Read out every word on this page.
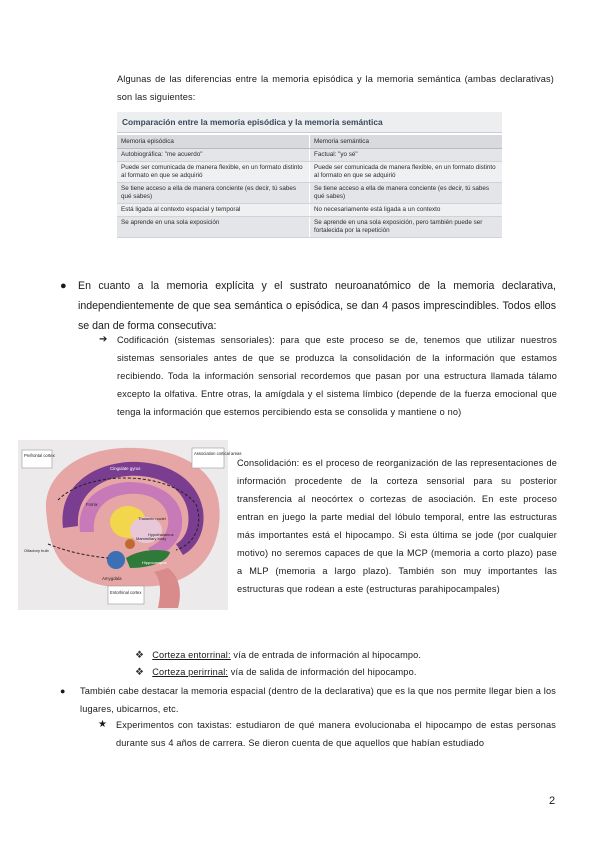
Algunas de las diferencias entre la memoria episódica y la memoria semántica (ambas declarativas) son las siguientes:
Comparación entre la memoria episódica y la memoria semántica
Memoria episódica	Memoria semántica
Autobiográfica: "me acuerdo"	Factual: "yo sé"
Puede ser comunicada de manera flexible, en un formato distinto al formato en que se adquirió	Puede ser comunicada de manera flexible, en un formato distinto al formato en que se adquirió
Se tiene acceso a ella de manera conciente (es decir, tú sabes qué sabes)	Se tiene acceso a ella de manera conciente (es decir, tú sabes qué sabes)
Está ligada al contexto espacial y temporal	No necesariamente está ligada a un contexto
Se aprende en una sola exposición	Se aprende en una sola exposición, pero también puede ser fortalecida por la repetición
● En cuanto a la memoria explícita y el sustrato neuroanatómico de la memoria declarativa, independientemente de que sea semántica o episódica, se dan 4 pasos imprescindibles. Todos ellos se dan de forma consecutiva:
➔ Codificación (sistemas sensoriales): para que este proceso se de, tenemos que utilizar nuestros sistemas sensoriales antes de que se produzca la consolidación de la información que estamos recibiendo. Toda la información sensorial recordemos que pasan por una estructura llamada tálamo excepto la olfativa. Entre otras, la amígdala y el sistema límbico (depende de la fuerza emocional que tenga la información que estemos percibiendo esta se consolida y mantiene o no)
Prefrontal cortex	Association cortical areas
Cingulate gyrus
Fornix
Thalamic nuclei
Mammillary body
Hypothalamus
Amygdala
Entorhinal cortex
Hippocampus
Olfactory bulb
Consolidación: es el proceso de reorganización de las representaciones de información procedente de la corteza sensorial para su posterior transferencia al neocórtex o cortezas de asociación. En este proceso entran en juego la parte medial del lóbulo temporal, entre las estructuras más importantes está el hipocampo. Si esta última se jode (por cualquier motivo) no seremos capaces de que la MCP (memoria a corto plazo) pase a MLP (memoria a largo plazo). También son muy importantes las estructuras que rodean a este (estructuras parahipocampales)
❖ Corteza entorrinal: vía de entrada de información al hipocampo.
❖ Corteza perirrinal: vía de salida de información del hipocampo.
● También cabe destacar la memoria espacial (dentro de la declarativa) que es la que nos permite llegar bien a los lugares, ubicarnos, etc.
★ Experimentos con taxistas: estudiaron de qué manera evolucionaba el hipocampo de estas personas durante sus 4 años de carrera. Se dieron cuenta de que aquellos que habían estudiado
2
